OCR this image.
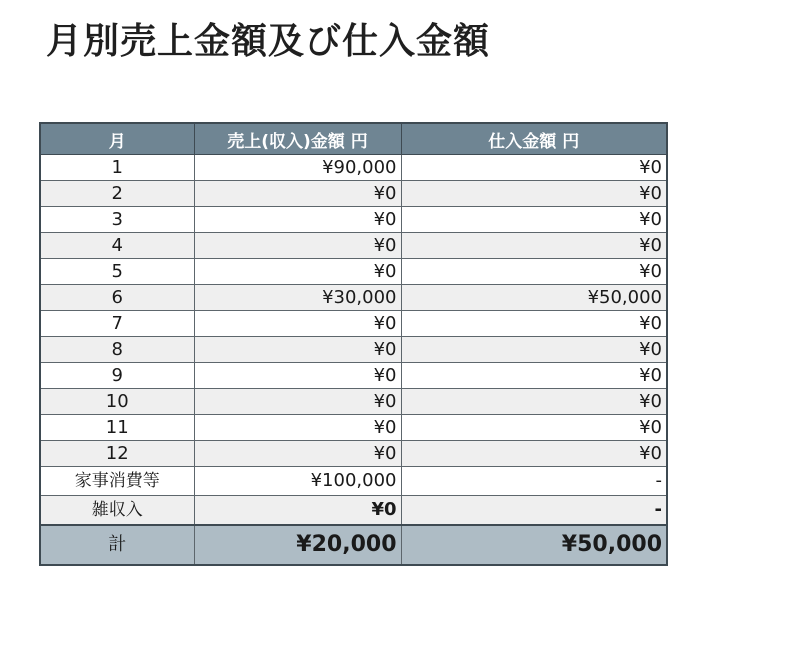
月別売上金額及び仕入金額
月	売上(収入)金額 円	仕入金額 円
1	¥90,000	¥0
2	¥0	¥0
3	¥0	¥0
4	¥0	¥0
5	¥0	¥0
6	¥30,000	¥50,000
7	¥0	¥0
8	¥0	¥0
9	¥0	¥0
10	¥0	¥0
11	¥0	¥0
12	¥0	¥0
家事消費等	¥100,000	-
雑収入	¥0	-
計	¥20,000	¥50,000
